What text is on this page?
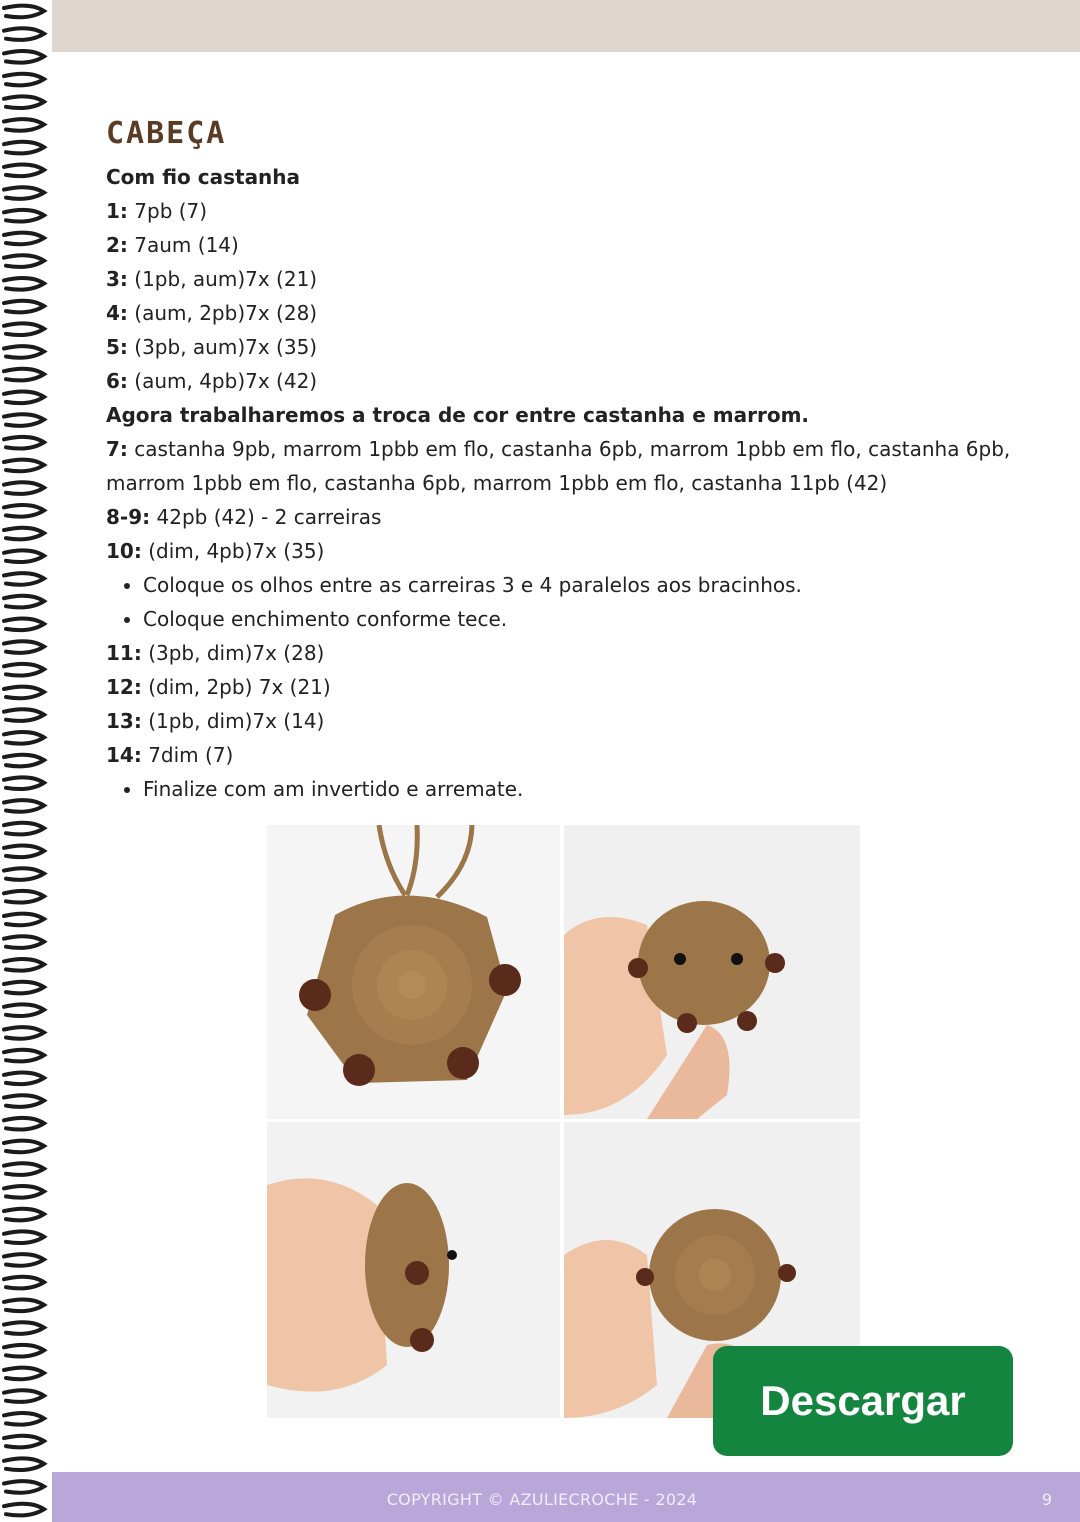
CABEÇA
Com fio castanha
1: 7pb (7)
2: 7aum (14)
3: (1pb, aum)7x (21)
4: (aum, 2pb)7x (28)
5: (3pb, aum)7x (35)
6: (aum, 4pb)7x (42)
Agora trabalharemos a troca de cor entre castanha e marrom.
7: castanha 9pb, marrom 1pbb em flo, castanha 6pb, marrom 1pbb em flo, castanha 6pb, marrom 1pbb em flo, castanha 6pb, marrom 1pbb em flo, castanha 11pb (42)
8-9: 42pb (42) - 2 carreiras
10: (dim, 4pb)7x (35)
• Coloque os olhos entre as carreiras 3 e 4 paralelos aos bracinhos.
• Coloque enchimento conforme tece.
11: (3pb, dim)7x (28)
12: (dim, 2pb) 7x (21)
13: (1pb, dim)7x (14)
14: 7dim (7)
• Finalize com am invertido e arremate.
Descargar
COPYRIGHT © AZULIECROCHE - 2024	9
